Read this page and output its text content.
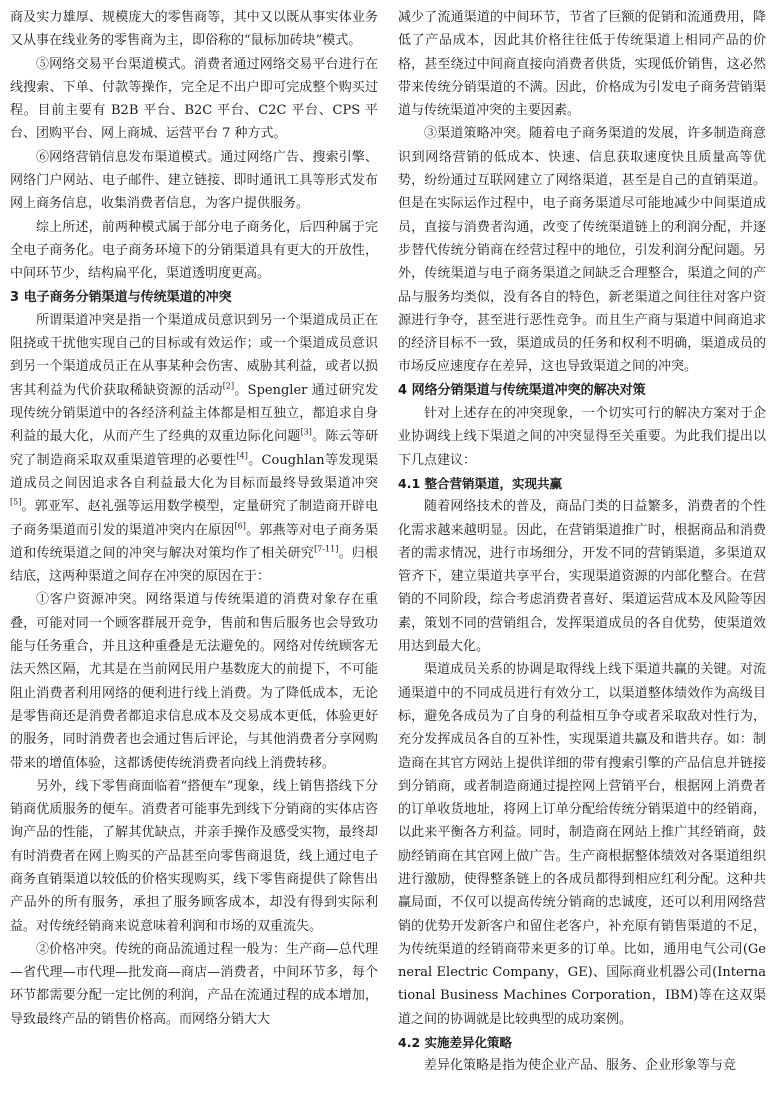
商及实力雄厚、规模庞大的零售商等，其中又以既从事实体业务又从事在线业务的零售商为主，即俗称的“鼠标加砖块”模式。

⑤网络交易平台渠道模式。消费者通过网络交易平台进行在线搜索、下单、付款等操作，完全足不出户即可完成整个购买过程。目前主要有 B2B 平台、B2C 平台、C2C 平台、CPS 平台、团购平台、网上商城、运营平台 7 种方式。

⑥网络营销信息发布渠道模式。通过网络广告、搜索引擎、网络门户网站、电子邮件、建立链接、即时通讯工具等形式发布网上商务信息，收集消费者信息，为客户提供服务。

综上所述，前两种模式属于部分电子商务化，后四种属于完全电子商务化。电子商务环境下的分销渠道具有更大的开放性，中间环节少，结构扁平化，渠道透明度更高。

3 电子商务分销渠道与传统渠道的冲突

所谓渠道冲突是指一个渠道成员意识到另一个渠道成员正在阻挠或干扰他实现自己的目标或有效运作；或一个渠道成员意识到另一个渠道成员正在从事某种会伤害、威胁其利益，或者以损害其利益为代价获取稀缺资源的活动[2]。Spengler 通过研究发现传统分销渠道中的各经济利益主体都是相互独立，都追求自身利益的最大化，从而产生了经典的双重边际化问题[3]。陈云等研究了制造商采取双重渠道管理的必要性[4]。Coughlan等发现渠道成员之间因追求各自利益最大化为目标而最终导致渠道冲突[5]。郭亚军、赵礼强等运用数学模型，定量研究了制造商开辟电子商务渠道而引发的渠道冲突内在原因[6]。郭燕等对电子商务渠道和传统渠道之间的冲突与解决对策均作了相关研究[7-11]。归根结底，这两种渠道之间存在冲突的原因在于：

①客户资源冲突。网络渠道与传统渠道的消费对象存在重叠，可能对同一个顾客群展开竞争，售前和售后服务也会导致功能与任务重合，并且这种重叠是无法避免的。网络对传统顾客无法天然区隔，尤其是在当前网民用户基数庞大的前提下，不可能阻止消费者利用网络的便利进行线上消费。为了降低成本，无论是零售商还是消费者都追求信息成本及交易成本更低，体验更好的服务，同时消费者也会通过售后评论，与其他消费者分享网购带来的增值体验，这都诱使传统消费者向线上消费转移。

另外，线下零售商面临着“搭便车”现象，线上销售搭线下分销商优质服务的便车。消费者可能事先到线下分销商的实体店咨询产品的性能，了解其优缺点，并亲手操作及感受实物，最终却有时消费者在网上购买的产品甚至向零售商退货，线上通过电子商务直销渠道以较低的价格实现购买，线下零售商提供了除售出产品外的所有服务，承担了服务顾客成本，却没有得到实际利益。对传统经销商来说意味着利润和市场的双重流失。

②价格冲突。传统的商品流通过程一般为：生产商—总代理—省代理—市代理—批发商—商店—消费者，中间环节多，每个环节都需要分配一定比例的利润，产品在流通过程的成本增加，导致最终产品的销售价格高。而网络分销大大

减少了流通渠道的中间环节，节省了巨额的促销和流通费用，降低了产品成本，因此其价格往往低于传统渠道上相同产品的价格，甚至绕过中间商直接向消费者供货，实现低价销售，这必然带来传统分销渠道的不满。因此，价格成为引发电子商务营销渠道与传统渠道冲突的主要因素。

③渠道策略冲突。随着电子商务渠道的发展，许多制造商意识到网络营销的低成本、快速、信息获取速度快且质量高等优势，纷纷通过互联网建立了网络渠道，甚至是自己的直销渠道。但是在实际运作过程中，电子商务渠道尽可能地减少中间渠道成员，直接与消费者沟通，改变了传统渠道链上的利润分配，并逐步替代传统分销商在经营过程中的地位，引发利润分配问题。另外，传统渠道与电子商务渠道之间缺乏合理整合，渠道之间的产品与服务均类似，没有各自的特色，新老渠道之间往往对客户资源进行争夺，甚至进行恶性竞争。而且生产商与渠道中间商追求的经济目标不一致，渠道成员的任务和权利不明确，渠道成员的市场反应速度存在差异，这也导致渠道之间的冲突。

4 网络分销渠道与传统渠道冲突的解决对策

针对上述存在的冲突现象，一个切实可行的解决方案对于企业协调线上线下渠道之间的冲突显得至关重要。为此我们提出以下几点建议：

4.1 整合营销渠道，实现共赢

随着网络技术的普及，商品门类的日益繁多，消费者的个性化需求越来越明显。因此，在营销渠道推广时，根据商品和消费者的需求情况，进行市场细分，开发不同的营销渠道，多渠道双管齐下，建立渠道共享平台，实现渠道资源的内部化整合。在营销的不同阶段，综合考虑消费者喜好、渠道运营成本及风险等因素，策划不同的营销组合，发挥渠道成员的各自优势，使渠道效用达到最大化。

渠道成员关系的协调是取得线上线下渠道共赢的关键。对流通渠道中的不同成员进行有效分工，以渠道整体绩效作为高级目标，避免各成员为了自身的利益相互争夺或者采取敌对性行为，充分发挥成员各自的互补性，实现渠道共赢及和谐共存。如：制造商在其官方网站上提供详细的带有搜索引擎的产品信息并链接到分销商，或者制造商通过提控网上营销平台，根据网上消费者的订单收货地址，将网上订单分配给传统分销渠道中的经销商，以此来平衡各方利益。同时，制造商在网站上推广其经销商，鼓励经销商在其官网上做广告。生产商根据整体绩效对各渠道组织进行激励，使得整条链上的各成员都得到相应红利分配。这种共赢局面，不仅可以提高传统分销商的忠诚度，还可以利用网络营销的优势开发新客户和留住老客户，补充原有销售渠道的不足，为传统渠道的经销商带来更多的订单。比如，通用电气公司(General Electric Company，GE)、国际商业机器公司(International Business Machines Corporation，IBM)等在这双渠道之间的协调就是比较典型的成功案例。

4.2 实施差异化策略

差异化策略是指为使企业产品、服务、企业形象等与竞
